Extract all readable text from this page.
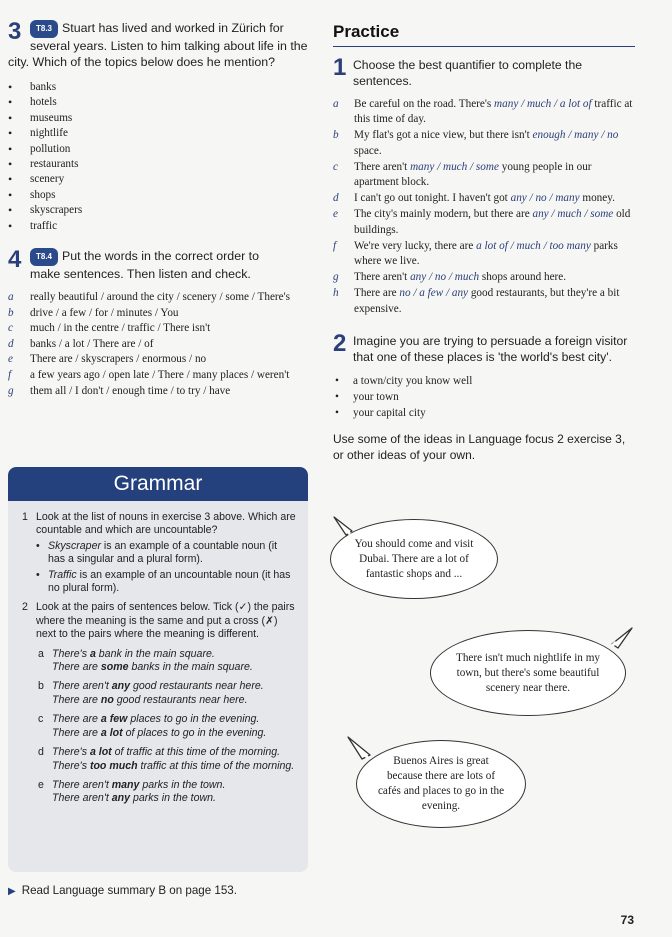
3 T8.3 Stuart has lived and worked in Zürich for
several years. Listen to him talking about life in the
city. Which of the topics below does he mention?
• banks
• hotels
• museums
• nightlife
• pollution
• restaurants
• scenery
• shops
• skyscrapers
• traffic
4 T8.4 Put the words in the correct order to
make sentences. Then listen and check.
a really beautiful / around the city / scenery / some / There's
b drive / a few / for / minutes / You
c much / in the centre / traffic / There isn't
d banks / a lot / There are / of
e There are / skyscrapers / enormous / no
f a few years ago / open late / There / many places / weren't
g them all / I don't / enough time / to try / have
Grammar
1 Look at the list of nouns in exercise 3 above. Which are countable and which are uncountable?
• Skyscraper is an example of a countable noun (it has a singular and a plural form).
• Traffic is an example of an uncountable noun (it has no plural form).
2 Look at the pairs of sentences below. Tick (✓) the pairs where the meaning is the same and put a cross (✗) next to the pairs where the meaning is different.
a There's a bank in the main square.

There are some banks in the main square.

b There aren't any good restaurants near here.

There are no good restaurants near here.

c There are a few places to go in the evening.

There are a lot of places to go in the evening.

d There's a lot of traffic at this time of the morning.

There's too much traffic at this time of the morning.

e There aren't many parks in the town.

There aren't any parks in the town.

▶ Read Language summary B on page 153.
Practice
1 Choose the best quantifier to complete the sentences.
a Be careful on the road. There's many / much / a lot of traffic at this time of day.
b My flat's got a nice view, but there isn't enough / many / no space.
c There aren't many / much / some young people in our apartment block.
d I can't go out tonight. I haven't got any / no / many money.
e The city's mainly modern, but there are any / much / some old buildings.
f We're very lucky, there are a lot of / much / too many parks where we live.
g There aren't any / no / much shops around here.
h There are no / a few / any good restaurants, but they're a bit expensive.
2 Imagine you are trying to persuade a foreign visitor that one of these places is 'the world's best city'.
• a town/city you know well
• your town
• your capital city
Use some of the ideas in Language focus 2 exercise 3, or other ideas of your own.
You should come and visit Dubai. There are a lot of fantastic shops and ...
There isn't much nightlife in my town, but there's some beautiful scenery near there.
Buenos Aires is great because there are lots of cafés and places to go in the evening.
73
